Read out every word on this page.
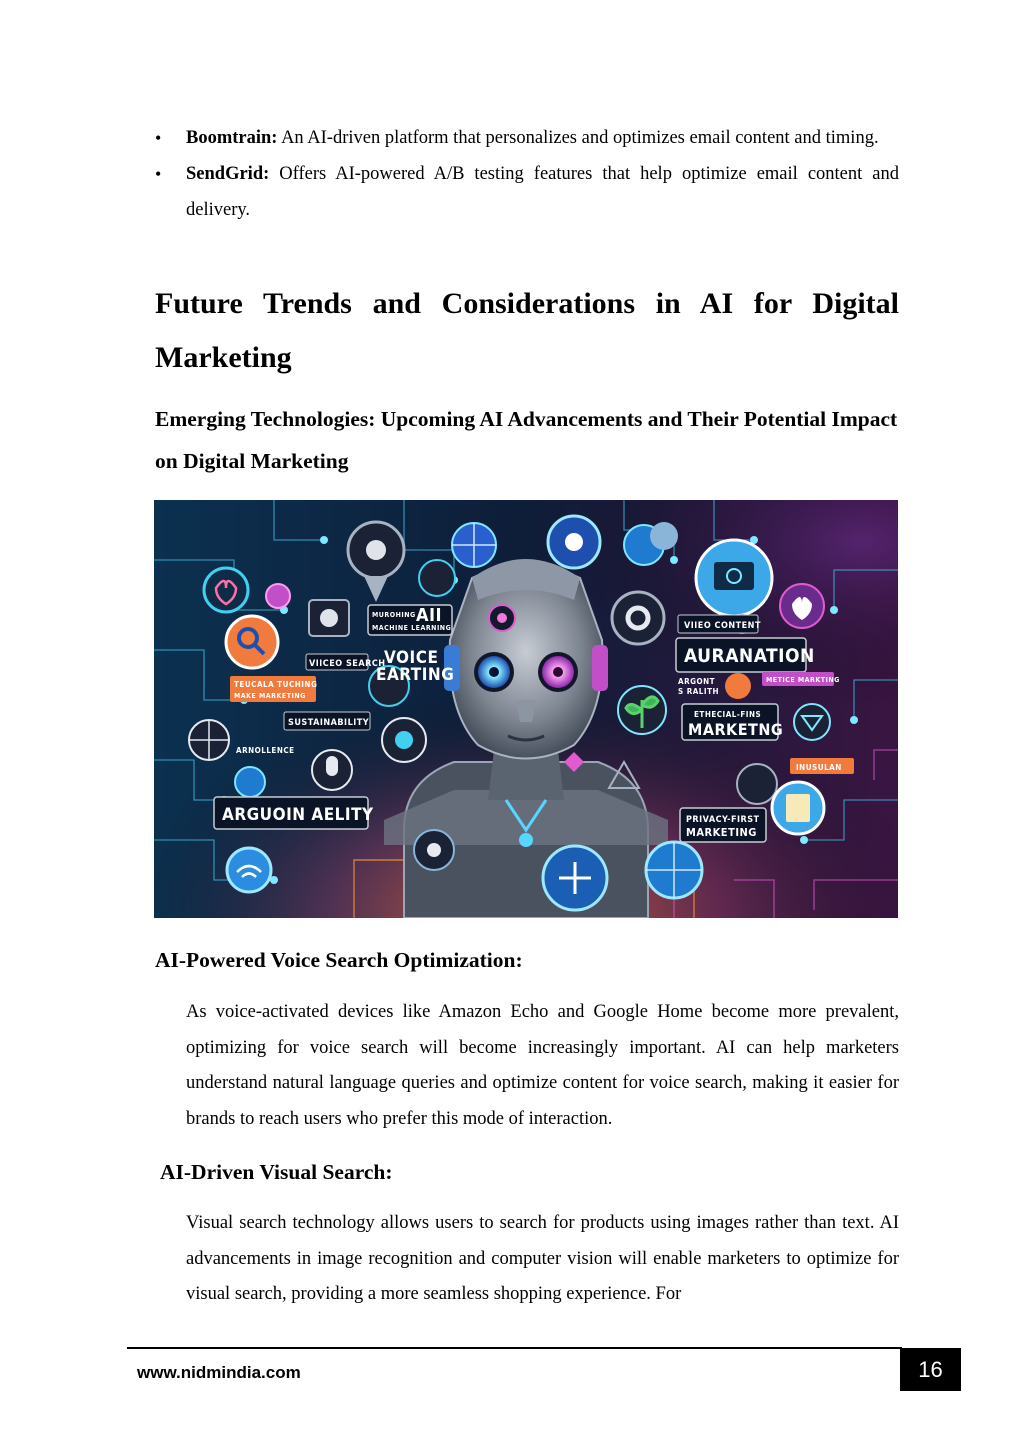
• Boomtrain: An AI-driven platform that personalizes and optimizes email content and timing.
• SendGrid: Offers AI-powered A/B testing features that help optimize email content and delivery.
Future Trends and Considerations in AI for Digital
Marketing
Emerging Technologies: Upcoming AI Advancements and Their Potential Impact on Digital Marketing
MUROHING
MACHINE LEARNING
AII
VIICEO SEARCH
VOICE
EARTING
TEUCALA TUCHING
MAKE MARKETING
SUSTAINABILITY
ARNOLLENCE
ARGUOIN AELITY
VIIEO CONTENT
AURANATION
ARGONT
S RALITH
METICE MARKTING
ETHECIAL-FINS
MARKETNG
INUSULAN
PRIVACY-FIRST
MARKETING
AI-Powered Voice Search Optimization:

As voice-activated devices like Amazon Echo and Google Home become more prevalent, optimizing for voice search will become increasingly important. AI can help marketers understand natural language queries and optimize content for voice search, making it easier for brands to reach users who prefer this mode of interaction.

AI-Driven Visual Search:

Visual search technology allows users to search for products using images rather than text. AI advancements in image recognition and computer vision will enable marketers to optimize for visual search, providing a more seamless shopping experience. For

www.nidmindia.com	16
